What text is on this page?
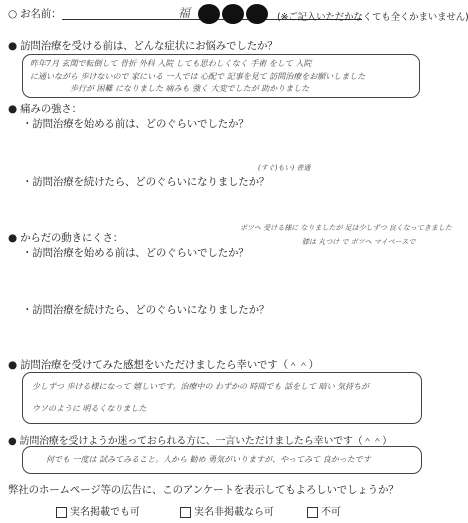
○ お名前：	福	(※ご記入いただかなくても全くかまいません)
● 訪問治療を受ける前は、どんな症状にお悩みでしたか？
昨年7月 玄関で転倒して 骨折 外科 入院 しても思わしくなく 手術 をして 入院
に通いながら 歩けないので 家にいる 一人では 心配で 記事を見て 訪問治療をお願いしました
歩行が 困難 になりました 痛みも 強く 大変でしたが 助かりました
● 痛みの強さ：
・訪問治療を始める前は、どのぐらいでしたか？
(すぐ)もい) 普通
・訪問治療を続けたら、どのぐらいになりましたか？
ポツヘ 受ける様に なりましたが 足は少しずつ 良くなってきました
● からだの動きにくさ：
・訪問治療を始める前は、どのぐらいでしたか？
膝は 丸つけ で ボツヘ マイペースで
・訪問治療を続けたら、どのぐらいになりましたか？
● 訪問治療を受けてみた感想をいただけましたら幸いです（＾＾）
少しずつ 歩ける様になって 嬉しいです。治療中の わずかの 時間でも 話をして 暗い 気持ちが
ウソのように 明るくなりました
● 訪問治療を受けようか迷っておられる方に、一言いただけましたら幸いです（＾＾）
何でも 一度は 試みてみること。人から 勧め 勇気がいりますが、やってみて 良かったです
弊社のホームページ等の広告に、このアンケートを表示してもよろしいでしょうか？
実名掲載でも可	実名非掲載なら可	不可
